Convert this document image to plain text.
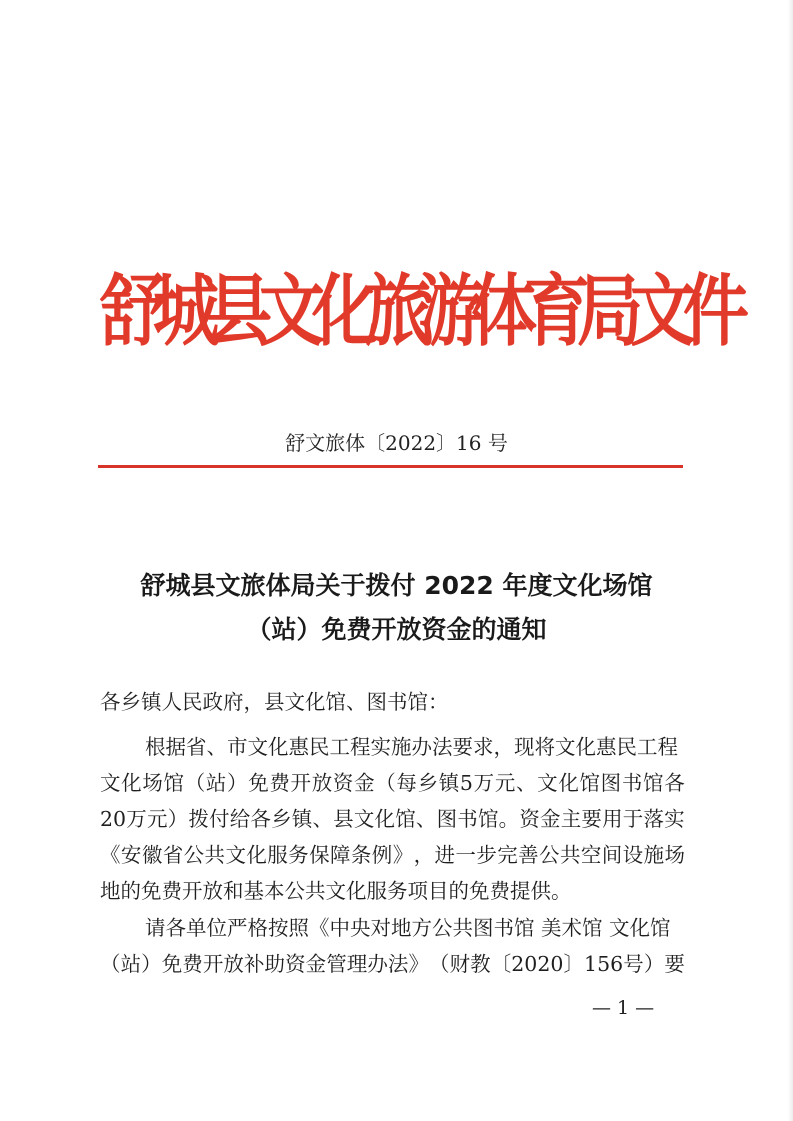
舒
城
县
文
化
旅
游
体
育
局
文
件
舒文旅体〔2022〕16 号
舒城县文旅体局关于拨付 2022 年度文化场馆
（站）免费开放资金的通知
各乡镇人民政府，县文化馆、图书馆：
根据省、市文化惠民工程实施办法要求，现将文化惠民工程
文 化 场 馆 （ 站 ） 免 费 开 放 资 金 （ 每 乡 镇 5 万 元 、 文 化 馆 图 书 馆 各
20 万 元 ） 拨 付 给 各 乡 镇 、 县 文 化 馆 、 图 书 馆 。 资 金 主 要 用 于 落 实
《 安 徽 省 公 共 文 化 服 务 保 障 条 例 》 ， 进 一 步 完 善 公 共 空 间 设 施 场
地的免费开放和基本公共文化服务项目的免费提供。
请各单位严格按照《中央对地方公共图书馆 美术馆 文化馆
（ 站 ） 免 费 开 放 补 助 资 金 管 理 办 法 》 （ 财 教 〔 2020 〕 156 号 ） 要
— 1 —
